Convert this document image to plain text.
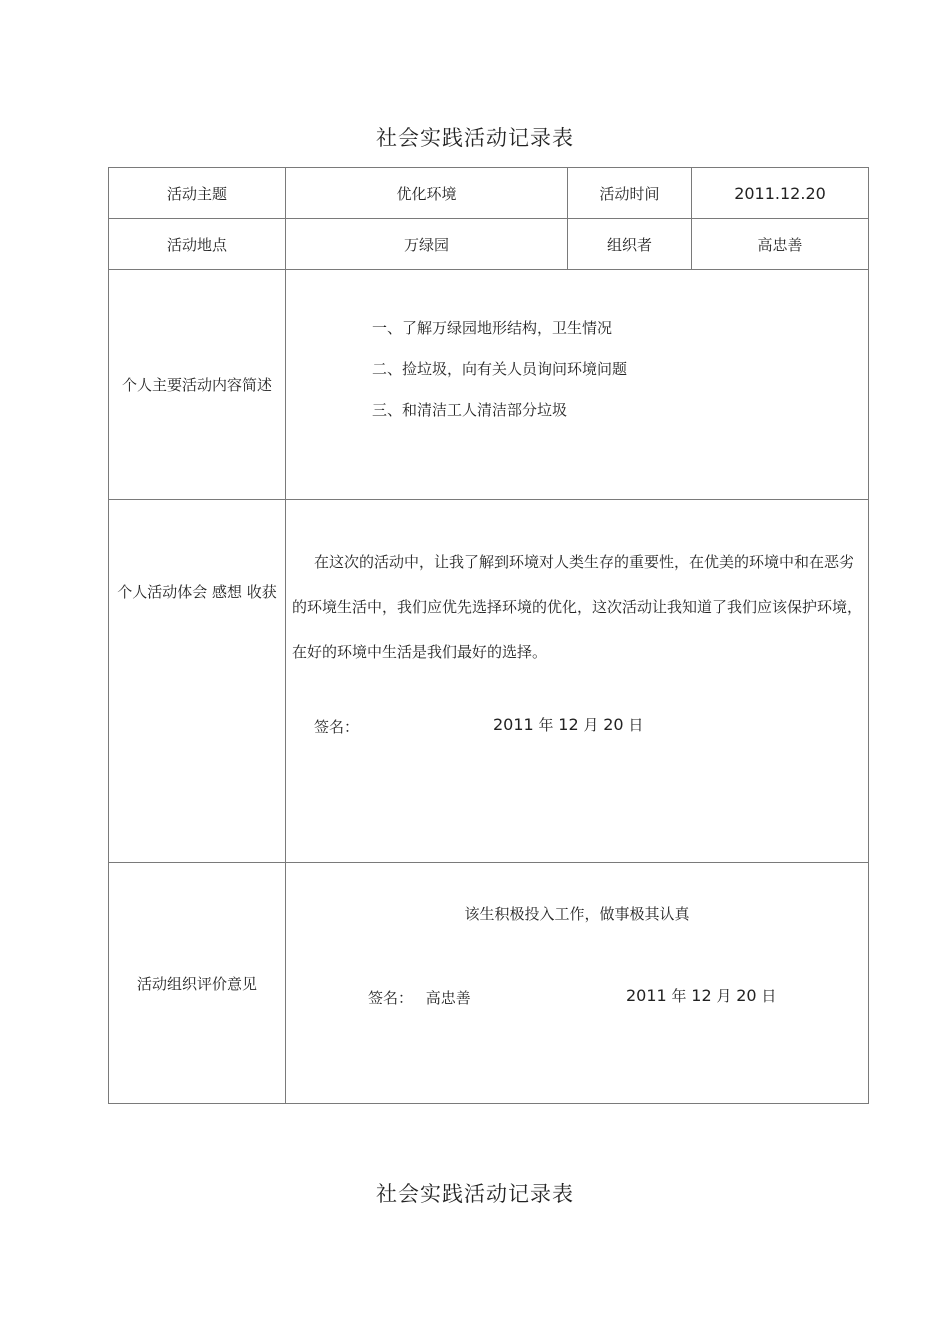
社会实践活动记录表
活动主题	优化环境	活动时间	2011.12.20
活动地点	万绿园	组织者	高忠善
个人主要活动内容简述	一、了解万绿园地形结构，卫生情况
二、捡垃圾，向有关人员询问环境问题
三、和清洁工人清洁部分垃圾		

个人活动体会 感想 收获	在这次的活动中，让我了解到环境对人类生存的重要性，在优美的环境中和在恶劣的环境生活中，我们应优先选择环境的优化，这次活动让我知道了我们应该保护环境，在好的环境中生活是我们最好的选择。
签名： 2011 年 12 月 20 日		

活动组织评价意见	该生积极投入工作，做事极其认真
签名： 高忠善 2011 年 12 月 20 日		
社会实践活动记录表
